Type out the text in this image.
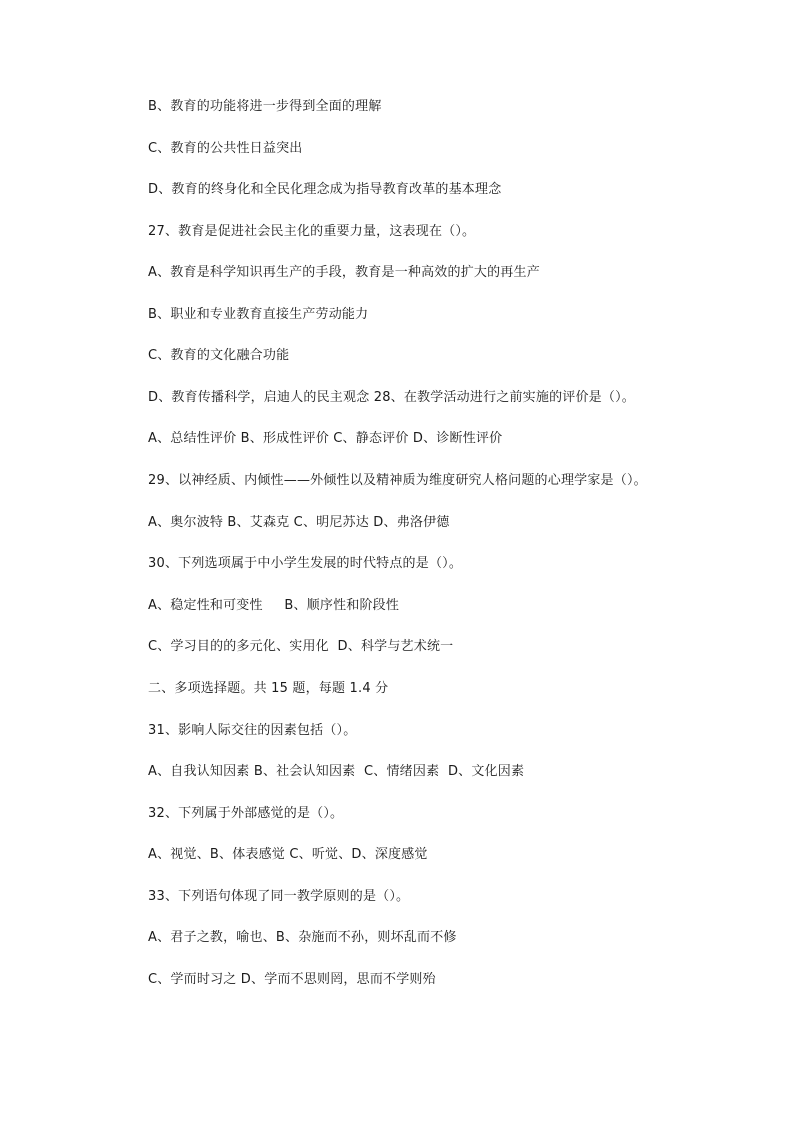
B、教育的功能将进一步得到全面的理解
C、教育的公共性日益突出
D、教育的终身化和全民化理念成为指导教育改革的基本理念
27、教育是促进社会民主化的重要力量，这表现在（）。
A、教育是科学知识再生产的手段，教育是一种高效的扩大的再生产
B、职业和专业教育直接生产劳动能力
C、教育的文化融合功能
D、教育传播科学，启迪人的民主观念 28、在教学活动进行之前实施的评价是（）。
A、总结性评价 B、形成性评价 C、静态评价 D、诊断性评价
29、以神经质、内倾性——外倾性以及精神质为维度研究人格问题的心理学家是（）。
A、奥尔波特 B、艾森克 C、明尼苏达 D、弗洛伊德
30、下列选项属于中小学生发展的时代特点的是（）。
A、稳定性和可变性     B、顺序性和阶段性
C、学习目的的多元化、实用化  D、科学与艺术统一
二、多项选择题。共 15 题，每题 1.4 分
31、影响人际交往的因素包括（）。
A、自我认知因素 B、社会认知因素  C、情绪因素  D、文化因素
32、下列属于外部感觉的是（）。
A、视觉、B、体表感觉 C、听觉、D、深度感觉
33、下列语句体现了同一教学原则的是（）。
A、君子之教，喻也、B、杂施而不孙，则坏乱而不修
C、学而时习之 D、学而不思则罔，思而不学则殆
